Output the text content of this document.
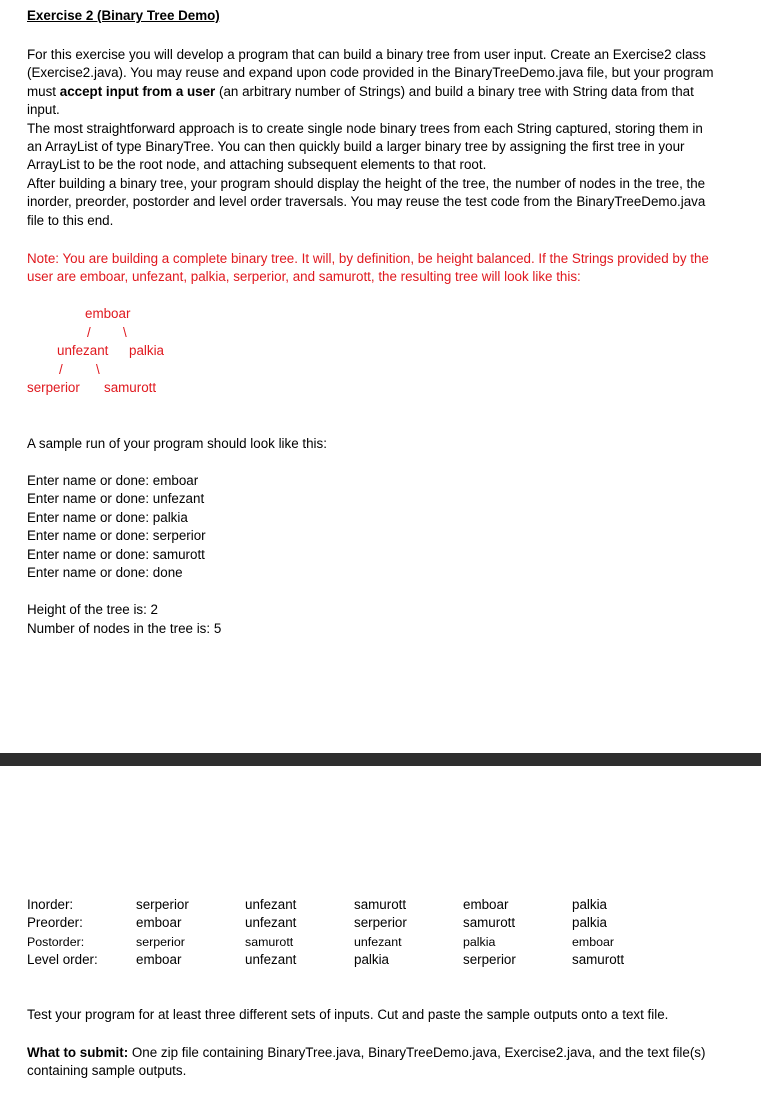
Exercise 2 (Binary Tree Demo)

For this exercise you will develop a program that can build a binary tree from user input. Create an Exercise2 class (Exercise2.java). You may reuse and expand upon code provided in the BinaryTreeDemo.java file, but your program must accept input from a user (an arbitrary number of Strings) and build a binary tree with String data from that input.

The most straightforward approach is to create single node binary trees from each String captured, storing them in an ArrayList of type BinaryTree. You can then quickly build a larger binary tree by assigning the first tree in your ArrayList to be the root node, and attaching subsequent elements to that root.

After building a binary tree, your program should display the height of the tree, the number of nodes in the tree, the inorder, preorder, postorder and level order traversals. You may reuse the test code from the BinaryTreeDemo.java file to this end.

Note: You are building a complete binary tree. It will, by definition, be height balanced. If the Strings provided by the user are emboar, unfezant, palkia, serperior, and samurott, the resulting tree will look like this:
emboar
/ \
unfezant palkia
/ \
serperior samurott
A sample run of your program should look like this:
Enter name or done: emboar
Enter name or done: unfezant
Enter name or done: palkia
Enter name or done: serperior
Enter name or done: samurott
Enter name or done: done
Height of the tree is: 2
Number of nodes in the tree is: 5
Inorder:	serperior	unfezant	samurott	emboar	palkia
Preorder:	emboar	unfezant	serperior	samurott	palkia
Postorder:	serperior	samurott	unfezant	palkia	emboar
Level order:	emboar	unfezant	palkia	serperior	samurott
Test your program for at least three different sets of inputs. Cut and paste the sample outputs onto a text file.
What to submit: One zip file containing BinaryTree.java, BinaryTreeDemo.java, Exercise2.java, and the text file(s) containing sample outputs.
